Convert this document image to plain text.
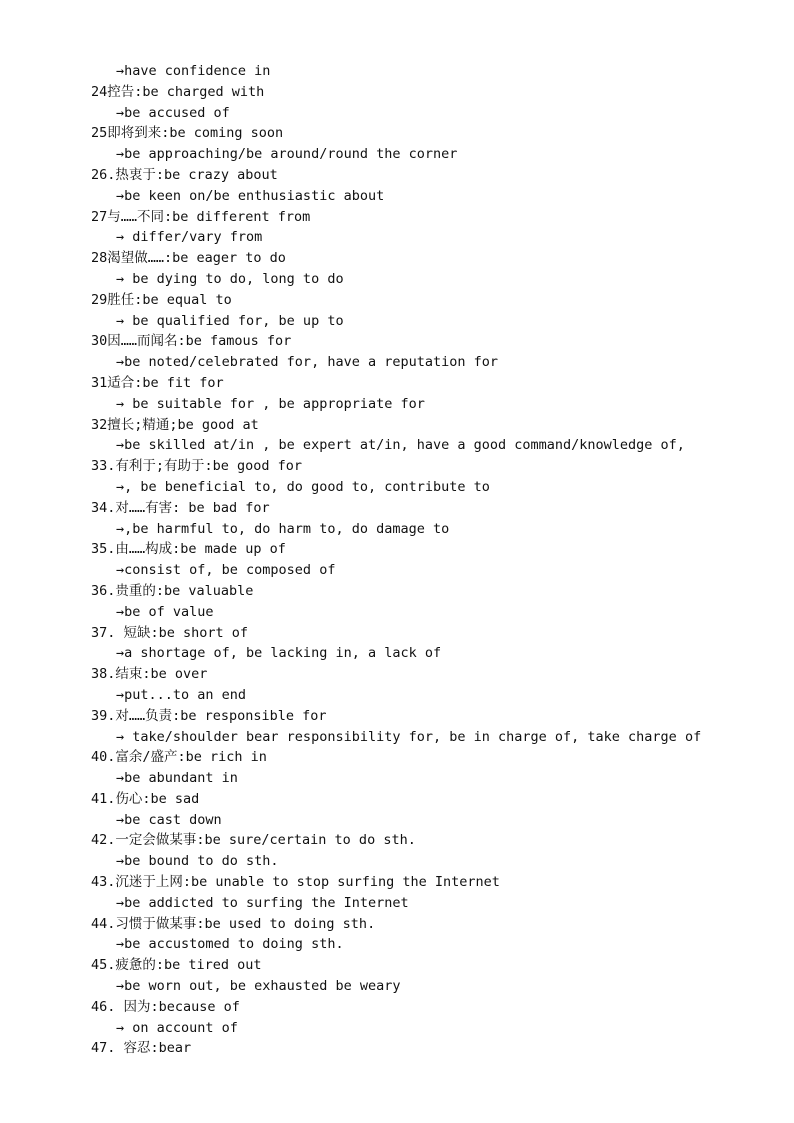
→have confidence in
24控告:be charged with
→be accused of
25即将到来:be coming soon
→be approaching/be around/round the corner
26.热衷于:be crazy about
→be keen on/be enthusiastic about
27与……不同:be different from
→ differ/vary from
28渴望做……:be eager to do
→ be dying to do, long to do
29胜任:be equal to
→ be qualified for, be up to
30因……而闻名:be famous for
→be noted/celebrated for, have a reputation for
31适合:be fit for
→ be suitable for , be appropriate for
32擅长;精通;be good at
→be skilled at/in , be expert at/in, have a good command/knowledge of,
33.有利于;有助于:be good for
→, be beneficial to, do good to, contribute to
34.对……有害: be bad for
→,be harmful to, do harm to, do damage to
35.由……构成:be made up of
→consist of, be composed of
36.贵重的:be valuable
→be of value
37. 短缺:be short of
→a shortage of, be lacking in, a lack of
38.结束:be over
→put...to an end
39.对……负责:be responsible for
→ take/shoulder bear responsibility for, be in charge of, take charge of
40.富余/盛产:be rich in
→be abundant in
41.伤心:be sad
→be cast down
42.一定会做某事:be sure/certain to do sth.
→be bound to do sth.
43.沉迷于上网:be unable to stop surfing the Internet
→be addicted to surfing the Internet
44.习惯于做某事:be used to doing sth.
→be accustomed to doing sth.
45.疲惫的:be tired out
→be worn out, be exhausted be weary
46. 因为:because of
→ on account of
47. 容忍:bear
